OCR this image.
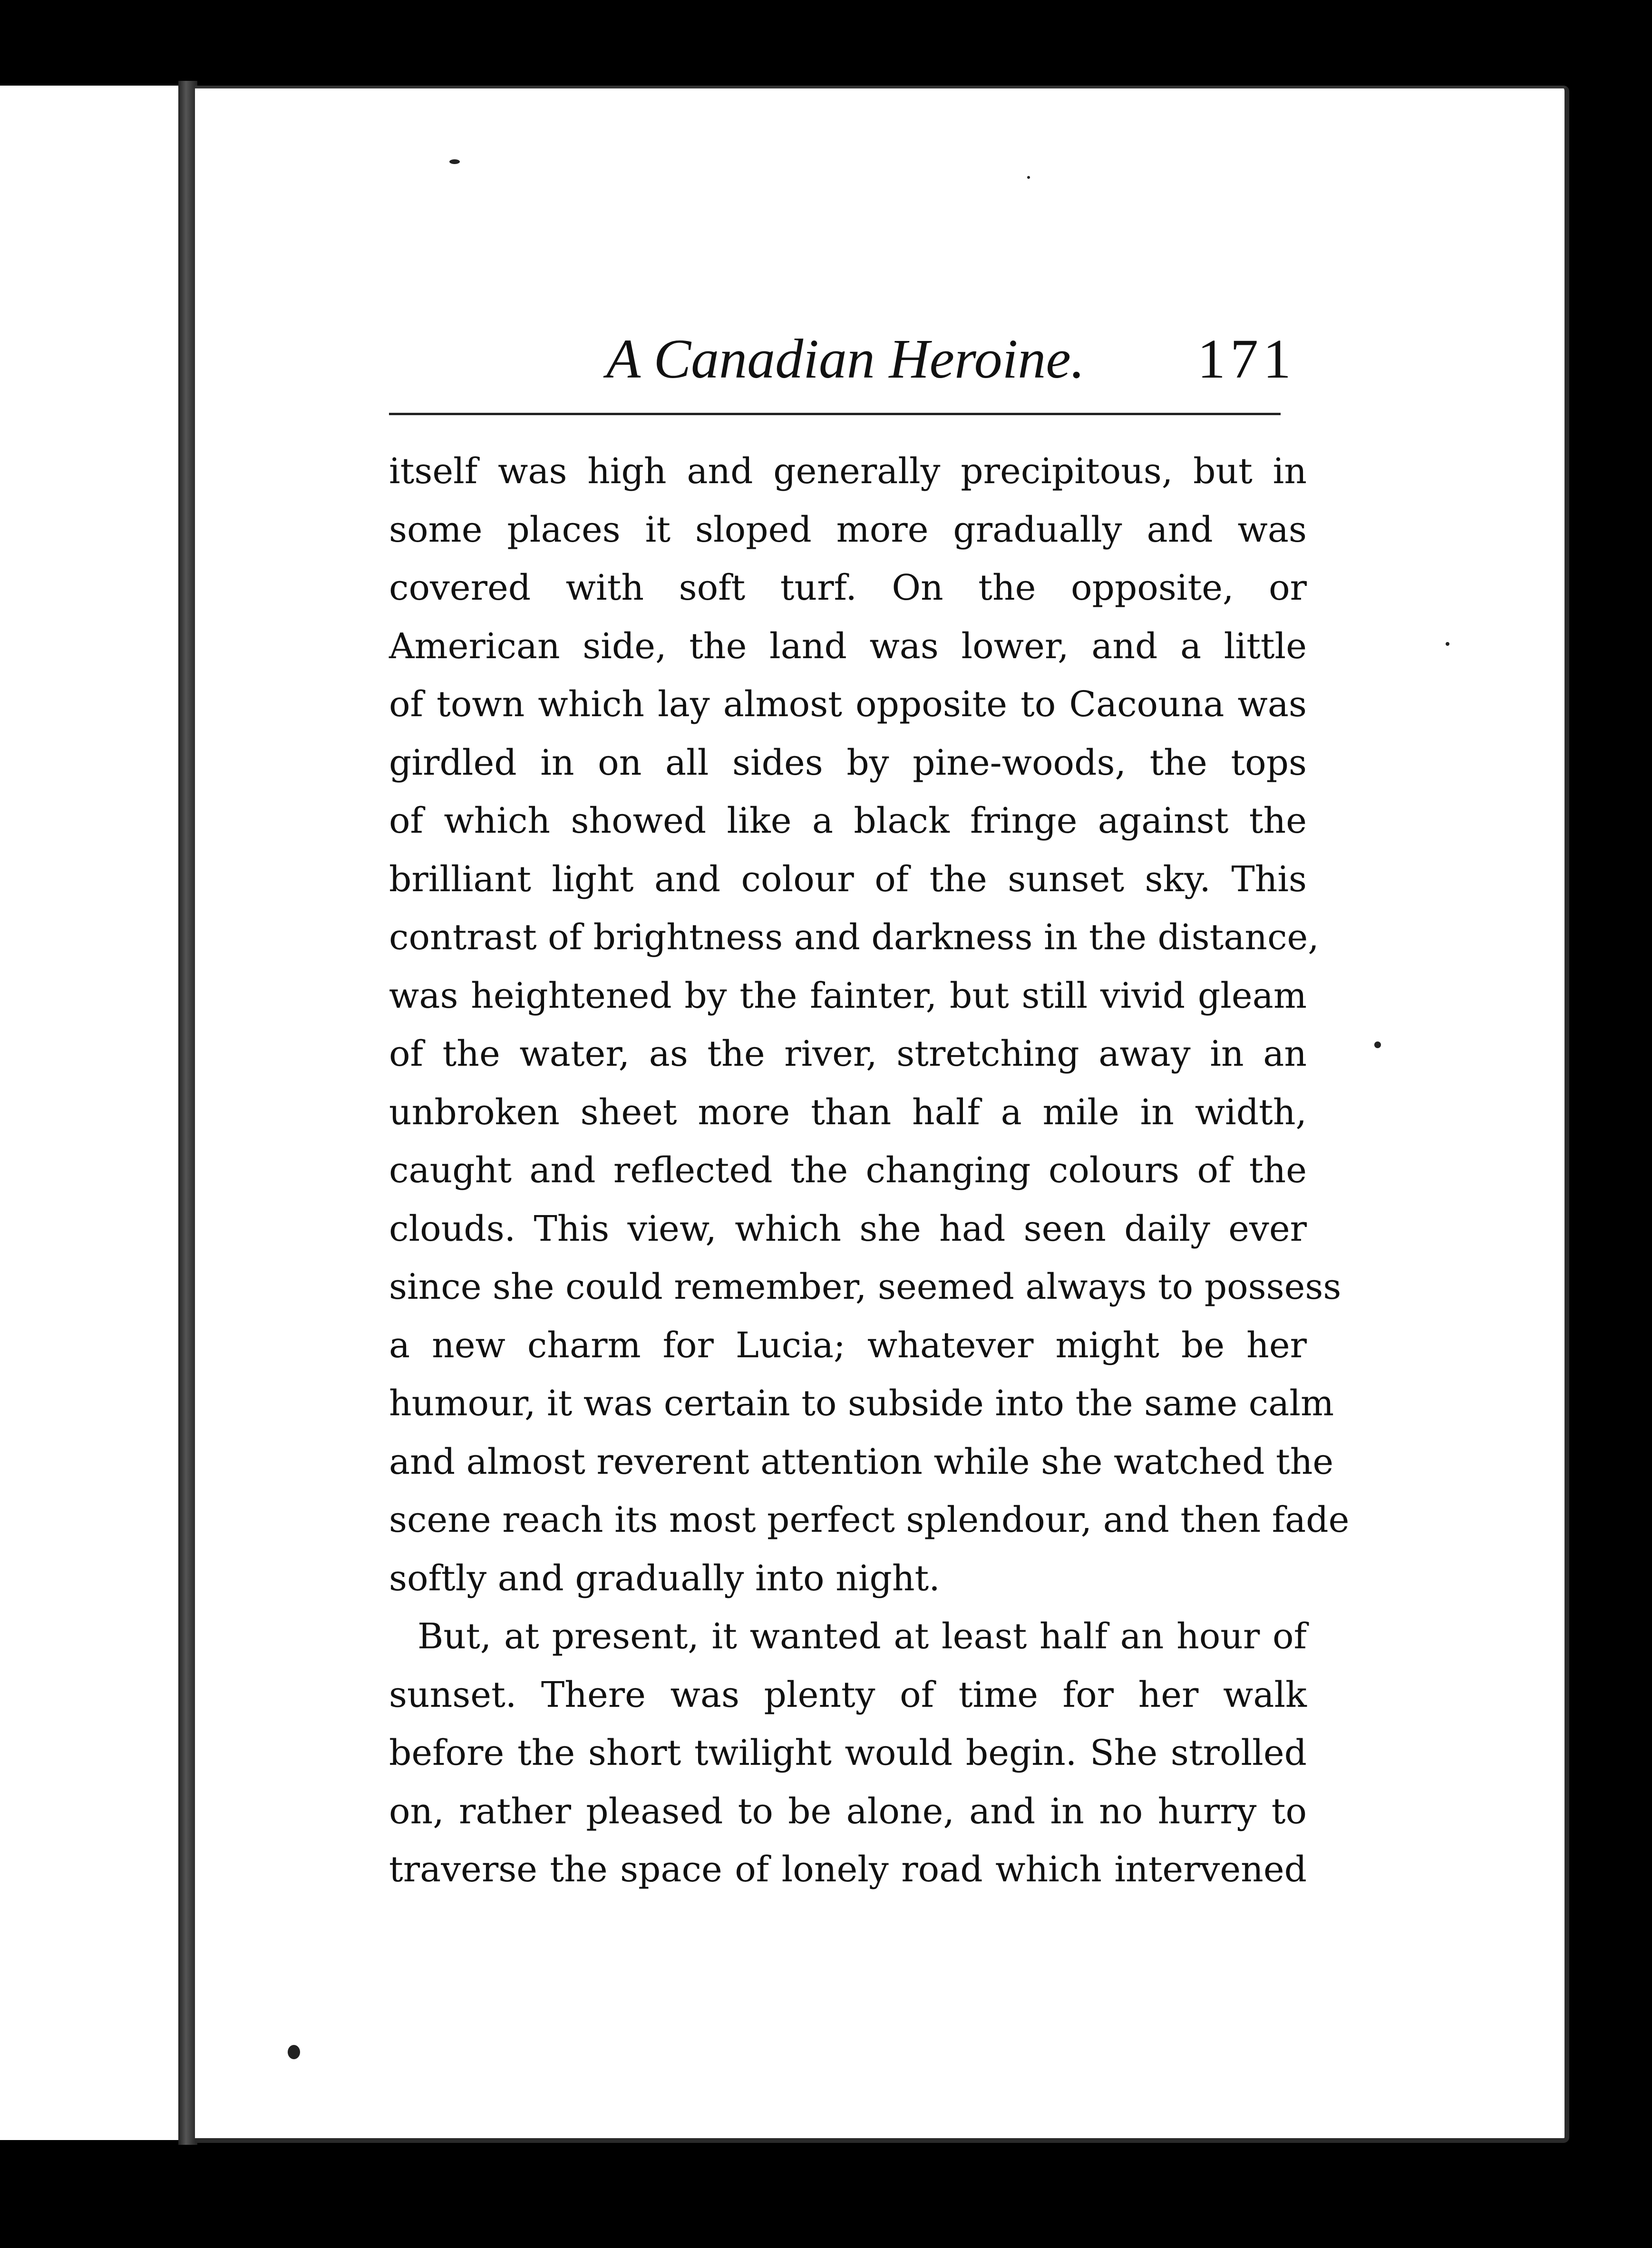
A Canadian Heroine. 171
itself was high and generally precipitous, but in
some places it sloped more gradually and was
covered with soft turf. On the opposite, or
American side, the land was lower, and a little
of town which lay almost opposite to Cacouna was
girdled in on all sides by pine-woods, the tops
of which showed like a black fringe against the
brilliant light and colour of the sunset sky. This
contrast of brightness and darkness in the distance,
was heightened by the fainter, but still vivid gleam
of the water, as the river, stretching away in an
unbroken sheet more than half a mile in width,
caught and reflected the changing colours of the
clouds. This view, which she had seen daily ever
since she could remember, seemed always to possess
a new charm for Lucia; whatever might be her
humour, it was certain to subside into the same calm
and almost reverent attention while she watched the
scene reach its most perfect splendour, and then fade
softly and gradually into night.
But, at present, it wanted at least half an hour of
sunset. There was plenty of time for her walk
before the short twilight would begin. She strolled
on, rather pleased to be alone, and in no hurry to
traverse the space of lonely road which intervened
